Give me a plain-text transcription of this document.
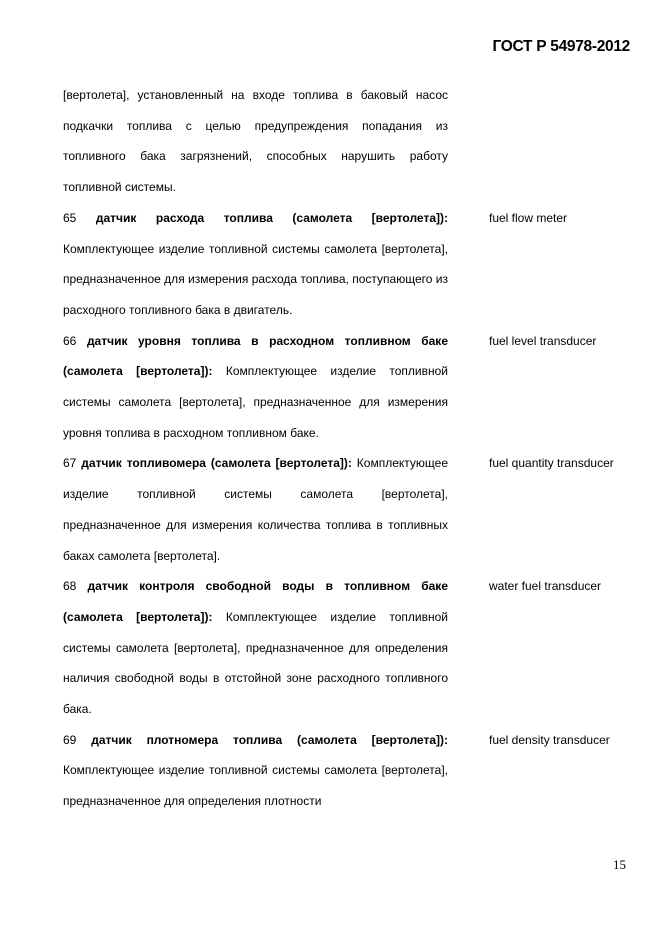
ГОСТ Р 54978-2012

[вертолета], установленный на входе топлива в баковый насос подкачки топлива с целью предупреждения попадания из топливного бака загрязнений, способных нарушить работу топливной системы.

fuel flow meter
65 датчик расхода топлива (самолета [вертолета]): Комплектующее изделие топливной системы самолета [вертолета], предназначенное для измерения расхода топлива, поступающего из расходного топливного бака в двигатель.

fuel level transducer
66 датчик уровня топлива в расходном топливном баке (самолета [вертолета]): Комплектующее изделие топливной системы самолета [вертолета], предназначенное для измерения уровня топлива в расходном топливном баке.

fuel quantity transducer
67 датчик топливомера (самолета [вертолета]): Комплектующее изделие топливной системы самолета [вертолета], предназначенное для измерения количества топлива в топливных баках самолета [вертолета].

water fuel transducer
68 датчик контроля свободной воды в топливном баке (самолета [вертолета]): Комплектующее изделие топливной системы самолета [вертолета], предназначенное для определения наличия свободной воды в отстойной зоне расходного топливного бака.

fuel density transducer
69 датчик плотномера топлива (самолета [вертолета]): Комплектующее изделие топливной системы самолета [вертолета], предназначенное для определения плотности

15
